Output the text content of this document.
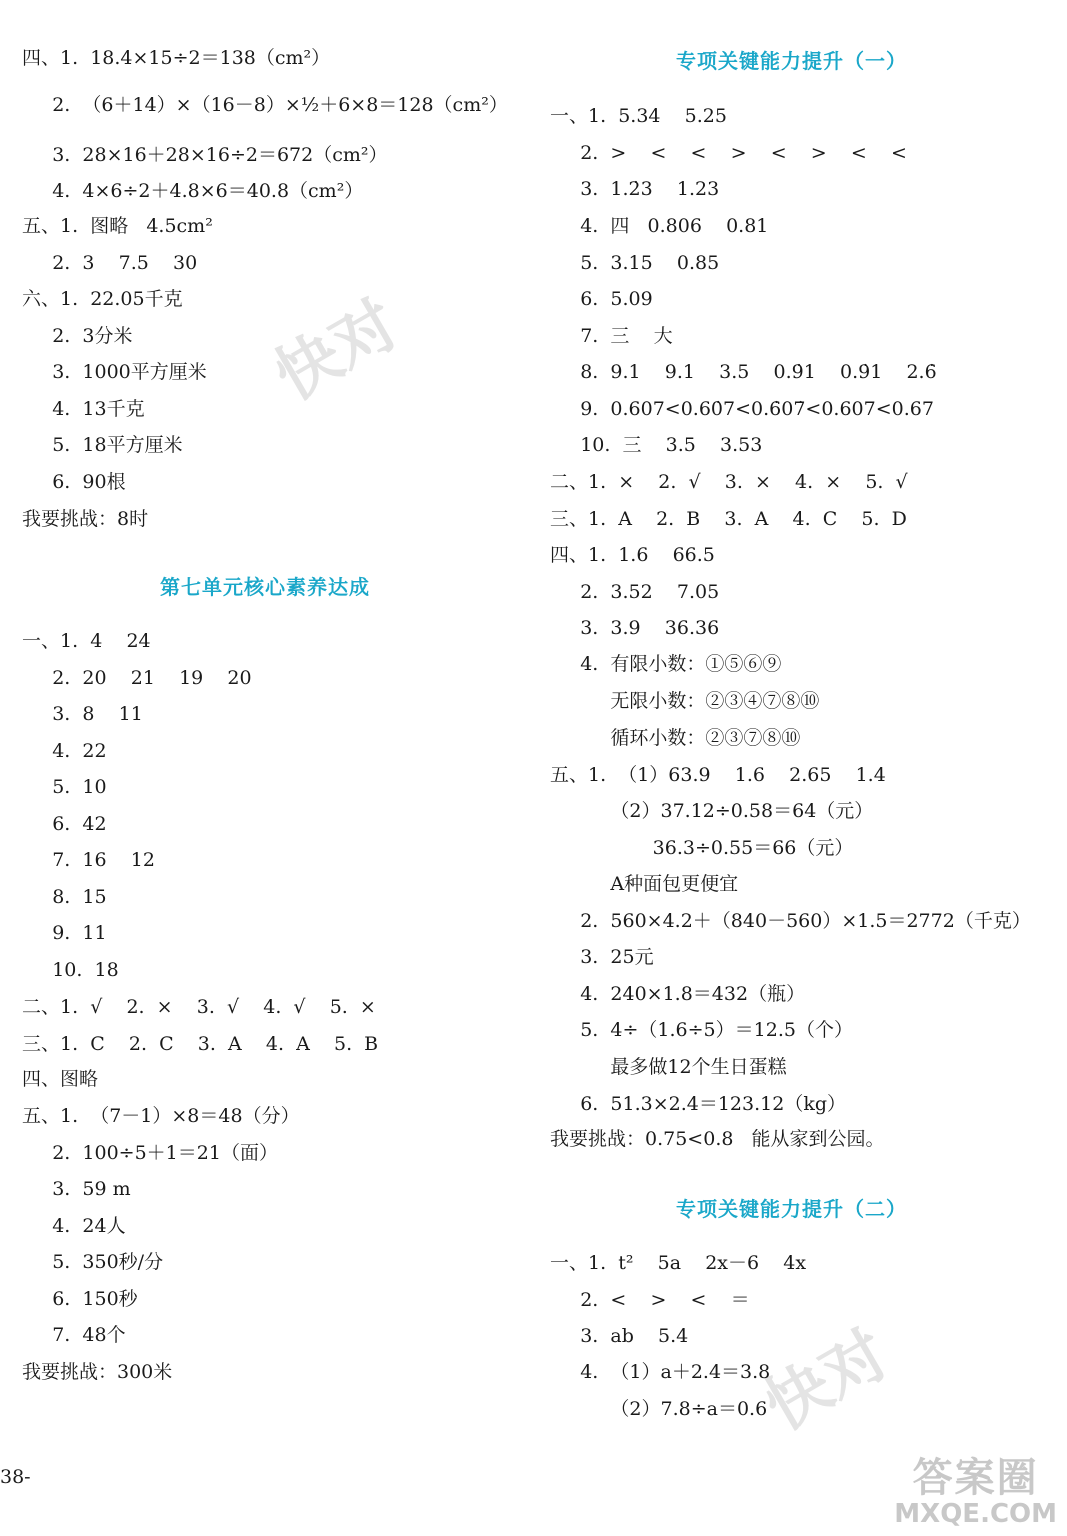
快对
快对
四、1.  18.4×15÷2＝138（cm²）
2.  （6＋14）×（16－8）×½＋6×8＝128（cm²）
3.  28×16＋28×16÷2＝672（cm²）
4.  4×6÷2＋4.8×6＝40.8（cm²）
五、1.  图略   4.5cm²
2.  3    7.5    30
六、1.  22.05千克
2.  3分米
3.  1000平方厘米
4.  13千克
5.  18平方厘米
6.  90根
我要挑战：8时
第七单元核心素养达成
一、1.  4    24
2.  20    21    19    20
3.  8    11
4.  22
5.  10
6.  42
7.  16    12
8.  15
9.  11
10.  18
二、1.  √    2.  ×    3.  √    4.  √    5.  ×
三、1.  C    2.  C    3.  A    4.  A    5.  B
四、图略
五、1.  （7－1）×8＝48（分）
2.  100÷5＋1＝21（面）
3.  59 m
4.  24人
5.  350秒/分
6.  150秒
7.  48个
我要挑战：300米
专项关键能力提升（一）
一、1.  5.34    5.25
2.  >    <    <    >    <    >    <    <
3.  1.2̇3    1.23
4.  四   0.806    0.81
5.  3.15    0.85
6.  5.09
7.  三    大
8.  9.1    9.1    3.5    0.9̇1    0.9̇1    2.6̇
9.  0.607<0.60̇7<0.6̇07̇<0.607<0.67
10.  三    3.5    3.53
二、1.  ×    2.  √    3.  ×    4.  ×    5.  √
三、1.  A    2.  B    3.  A    4.  C    5.  D
四、1.  1.6    66.5
2.  3.52    7.05
3.  3.9    36.36
4.  有限小数：①⑤⑥⑨
无限小数：②③④⑦⑧⑩
循环小数：②③⑦⑧⑩
五、1.  （1）63.9    1.6    2.65    1.4
（2）37.12÷0.58＝64（元）
36.3÷0.55＝66（元）
A种面包更便宜
2.  560×4.2＋（840－560）×1.5＝2772（千克）
3.  25元
4.  240×1.8＝432（瓶）
5.  4÷（1.6÷5）＝12.5（个）
最多做12个生日蛋糕
6.  51.3×2.4＝123.12（kg）
我要挑战：0.75<0.8   能从家到公园。
专项关键能力提升（二）
一、1.  t²    5a    2x－6    4x
2.  <    >    <    ＝
3.  ab    5.4
4.  （1）a＋2.4＝3.8
（2）7.8÷a＝0.6
38-	答案圈
MXQE.COM
